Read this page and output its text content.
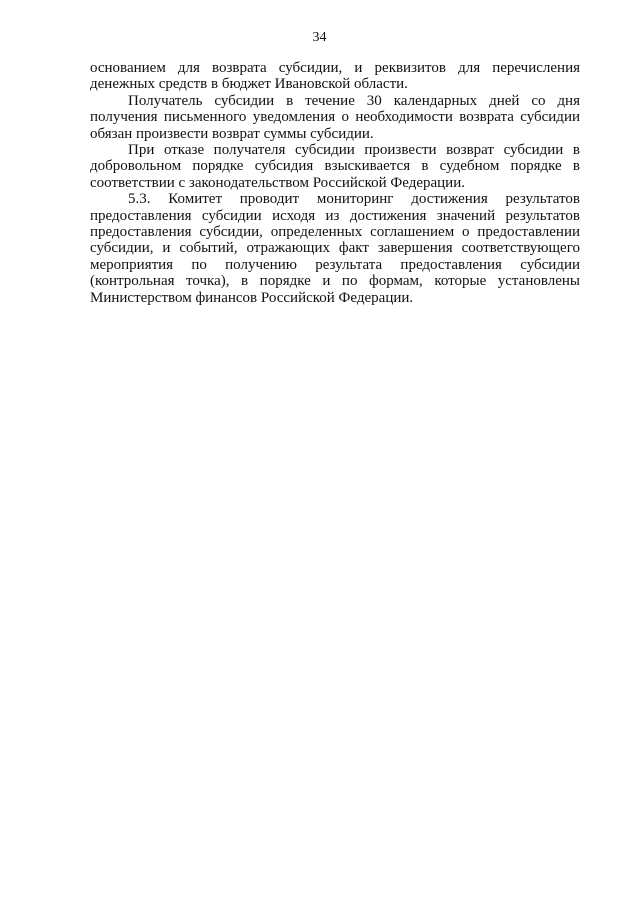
34

основанием для возврата субсидии, и реквизитов для перечисления денежных средств в бюджет Ивановской области.

Получатель субсидии в течение 30 календарных дней со дня получения письменного уведомления о необходимости возврата субсидии обязан произвести возврат суммы субсидии.

При отказе получателя субсидии произвести возврат субсидии в добровольном порядке субсидия взыскивается в судебном порядке в соответствии с законодательством Российской Федерации.

5.3. Комитет проводит мониторинг достижения результатов предоставления субсидии исходя из достижения значений результатов предоставления субсидии, определенных соглашением о предоставлении субсидии, и событий, отражающих факт завершения соответствующего мероприятия по получению результата предоставления субсидии (контрольная точка), в порядке и по формам, которые установлены Министерством финансов Российской Федерации.
